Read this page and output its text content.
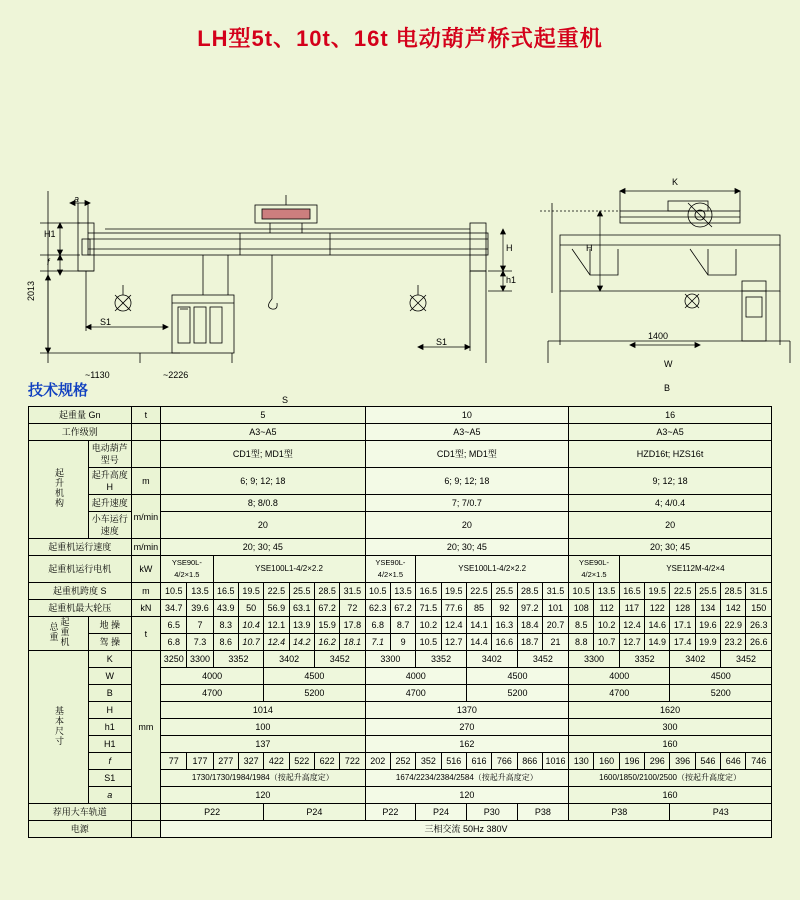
LH型5t、10t、16t 电动葫芦桥式起重机
a
H1
f
2013
S1
S1
~1130	~2226
S
H
h1
K
H
1400
W
B
技术规格
起重量 Gn		t	5								10								16							
工作级别			A3~A5								A3~A5								A3~A5							
起升机构	电动葫芦型号		CD1型; MD1型								CD1型; MD1型								HZD16t; HZS16t							
	起升高度H	m	6; 9; 12; 18								6; 9; 12; 18								9; 12; 18							
	起升速度	m/min	8; 8/0.8								7; 7/0.7								4; 4/0.4							
	小车运行速度		20								20								20							
起重机运行速度		m/min	20; 30; 45								20; 30; 45								20; 30; 45							
起重机运行电机		kW	YSE90L-4/2×1.5		YSE100L1-4/2×2.2						YSE90L-4/2×1.5		YSE100L1-4/2×2.2						YSE90L-4/2×1.5		YSE112M-4/2×4					
起重机跨度 S		m	10.5	13.5	16.5	19.5	22.5	25.5	28.5	31.5	10.5	13.5	16.5	19.5	22.5	25.5	28.5	31.5	10.5	13.5	16.5	19.5	22.5	25.5	28.5	31.5
起重机最大轮压		kN	34.7	39.6	43.9	50	56.9	63.1	67.2	72	62.3	67.2	71.5	77.6	85	92	97.2	101	108	112	117	122	128	134	142	150
起重机总重	地 操	t	6.5	7	8.3	10.4	12.1	13.9	15.9	17.8	6.8	8.7	10.2	12.4	14.1	16.3	18.4	20.7	8.5	10.2	12.4	14.6	17.1	19.6	22.9	26.3
	驾 操		6.8	7.3	8.6	10.7	12.4	14.2	16.2	18.1	7.1	9	10.5	12.7	14.4	16.6	18.7	21	8.8	10.7	12.7	14.9	17.4	19.9	23.2	26.6
基本尺寸	K	mm	3250	3300	3352		3402		3452		3300		3352		3402		3452		3300		3352		3402		3452	
	W		4000				4500				4000				4500				4000				4500			
	B		4700				5200				4700				5200				4700				5200			
	H		1014								1370								1620							
	h1		100								270								300							
	H1		137								162								160							
	f		77	177	277	327	422	522	622	722	202	252	352	516	616	766	866	1016	130	160	196	296	396	546	646	746
	S1		1730/1730/1984/1984（按起升高度定）								1674/2234/2384/2584（按起升高度定）								1600/1850/2100/2500（按起升高度定）							
	a		120								120								160							
荐用大车轨道			P22				P24				P22		P24		P30		P38		P38				P43			
电源			三相交流 50Hz 380V																							
